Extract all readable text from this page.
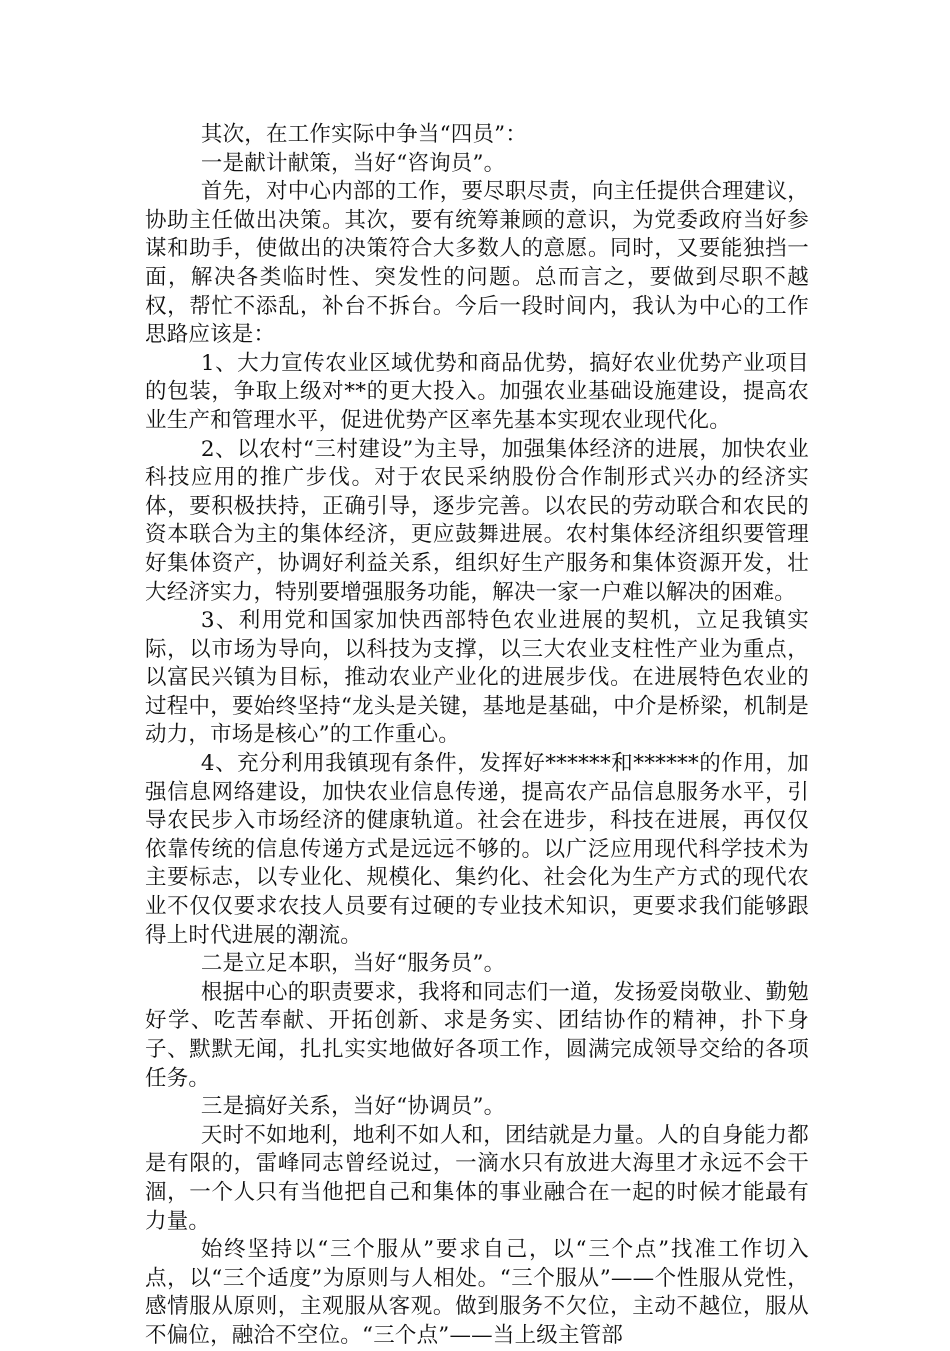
其次，在工作实际中争当“四员”：

一是献计献策，当好“咨询员”。

首先，对中心内部的工作，要尽职尽责，向主任提供合理建议，协助主任做出决策。其次，要有统筹兼顾的意识，为党委政府当好参谋和助手，使做出的决策符合大多数人的意愿。同时，又要能独挡一面，解决各类临时性、突发性的问题。总而言之，要做到尽职不越权，帮忙不添乱，补台不拆台。今后一段时间内，我认为中心的工作思路应该是：

1、大力宣传农业区域优势和商品优势，搞好农业优势产业项目的包装，争取上级对**的更大投入。加强农业基础设施建设，提高农业生产和管理水平，促进优势产区率先基本实现农业现代化。

2、以农村“三村建设”为主导，加强集体经济的进展，加快农业科技应用的推广步伐。对于农民采纳股份合作制形式兴办的经济实体，要积极扶持，正确引导，逐步完善。以农民的劳动联合和农民的资本联合为主的集体经济，更应鼓舞进展。农村集体经济组织要管理好集体资产，协调好利益关系，组织好生产服务和集体资源开发，壮大经济实力，特别要增强服务功能，解决一家一户难以解决的困难。

3、利用党和国家加快西部特色农业进展的契机，立足我镇实际，以市场为导向，以科技为支撑，以三大农业支柱性产业为重点，以富民兴镇为目标，推动农业产业化的进展步伐。在进展特色农业的过程中，要始终坚持“龙头是关键，基地是基础，中介是桥梁，机制是动力，市场是核心”的工作重心。

4、充分利用我镇现有条件，发挥好******和******的作用，加强信息网络建设，加快农业信息传递，提高农产品信息服务水平，引导农民步入市场经济的健康轨道。社会在进步，科技在进展，再仅仅依靠传统的信息传递方式是远远不够的。以广泛应用现代科学技术为主要标志，以专业化、规模化、集约化、社会化为生产方式的现代农业不仅仅要求农技人员要有过硬的专业技术知识，更要求我们能够跟得上时代进展的潮流。

二是立足本职，当好“服务员”。

根据中心的职责要求，我将和同志们一道，发扬爱岗敬业、勤勉好学、吃苦奉献、开拓创新、求是务实、团结协作的精神，扑下身子、默默无闻，扎扎实实地做好各项工作，圆满完成领导交给的各项任务。

三是搞好关系，当好“协调员”。

天时不如地利，地利不如人和，团结就是力量。人的自身能力都是有限的，雷峰同志曾经说过，一滴水只有放进大海里才永远不会干涸，一个人只有当他把自己和集体的事业融合在一起的时候才能最有力量。

始终坚持以“三个服从”要求自己，以“三个点”找准工作切入点，以“三个适度”为原则与人相处。“三个服从”——个性服从党性，感情服从原则，主观服从客观。做到服务不欠位，主动不越位，服从不偏位，融洽不空位。“三个点”——当上级主管部
